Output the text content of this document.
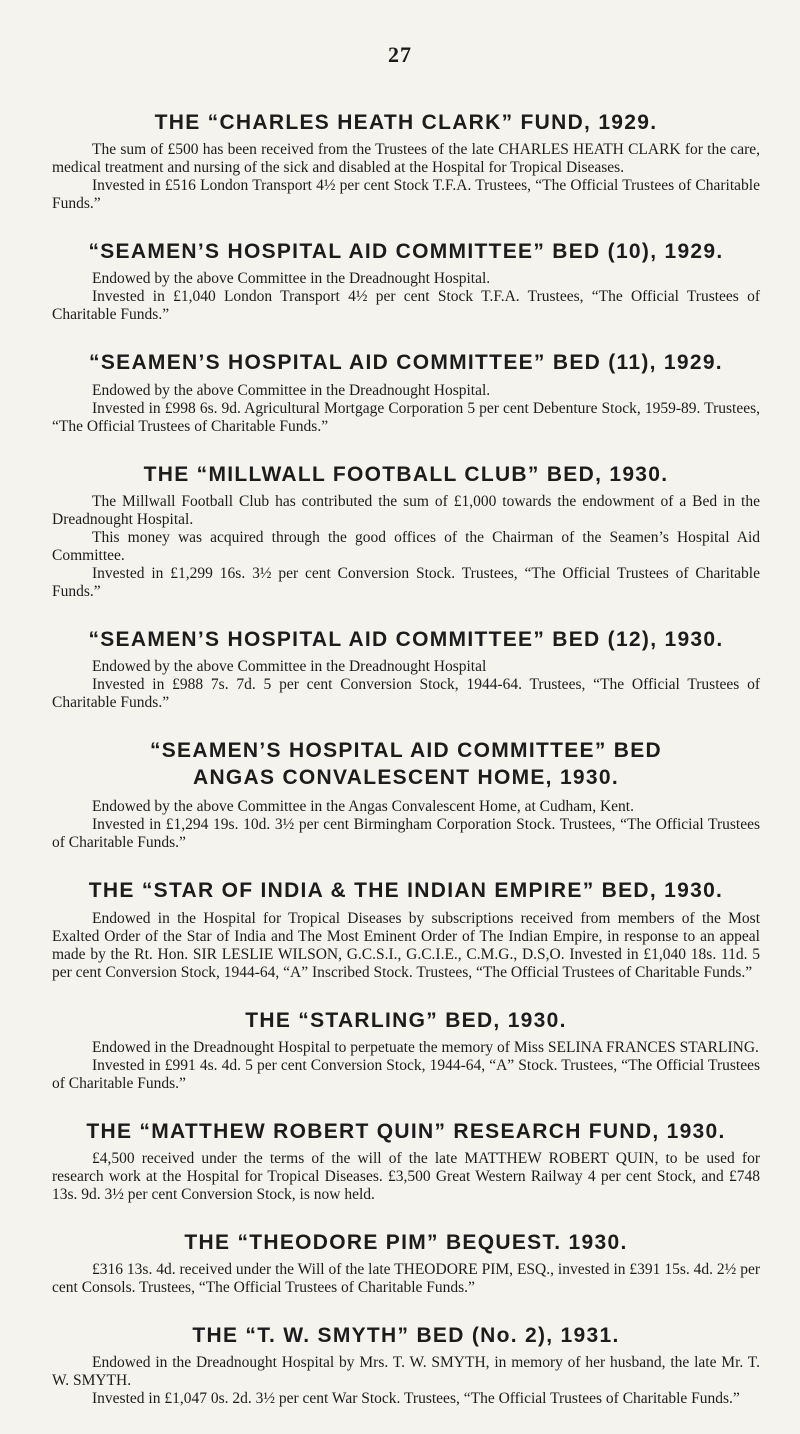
27
THE “CHARLES HEATH CLARK” FUND, 1929.

The sum of £500 has been received from the Trustees of the late CHARLES HEATH CLARK for the care, medical treatment and nursing of the sick and disabled at the Hospital for Tropical Diseases.

Invested in £516 London Transport 4½ per cent Stock T.F.A. Trustees, “The Official Trustees of Charitable Funds.”

“SEAMEN’S HOSPITAL AID COMMITTEE” BED (10), 1929.

Endowed by the above Committee in the Dreadnought Hospital.

Invested in £1,040 London Transport 4½ per cent Stock T.F.A. Trustees, “The Official Trustees of Charitable Funds.”

“SEAMEN’S HOSPITAL AID COMMITTEE” BED (11), 1929.

Endowed by the above Committee in the Dreadnought Hospital.

Invested in £998 6s. 9d. Agricultural Mortgage Corporation 5 per cent Debenture Stock, 1959-89. Trustees, “The Official Trustees of Charitable Funds.”

THE “MILLWALL FOOTBALL CLUB” BED, 1930.

The Millwall Football Club has contributed the sum of £1,000 towards the endowment of a Bed in the Dreadnought Hospital.

This money was acquired through the good offices of the Chairman of the Seamen’s Hospital Aid Committee.

Invested in £1,299 16s. 3½ per cent Conversion Stock. Trustees, “The Official Trustees of Charitable Funds.”

“SEAMEN’S HOSPITAL AID COMMITTEE” BED (12), 1930.

Endowed by the above Committee in the Dreadnought Hospital

Invested in £988 7s. 7d. 5 per cent Conversion Stock, 1944-64. Trustees, “The Official Trustees of Charitable Funds.”

“SEAMEN’S HOSPITAL AID COMMITTEE” BED
ANGAS CONVALESCENT HOME, 1930.

Endowed by the above Committee in the Angas Convalescent Home, at Cudham, Kent.

Invested in £1,294 19s. 10d. 3½ per cent Birmingham Corporation Stock. Trustees, “The Official Trustees of Charitable Funds.”

THE “STAR OF INDIA & THE INDIAN EMPIRE” BED, 1930.

Endowed in the Hospital for Tropical Diseases by subscriptions received from members of the Most Exalted Order of the Star of India and The Most Eminent Order of The Indian Empire, in response to an appeal made by the Rt. Hon. SIR LESLIE WILSON, G.C.S.I., G.C.I.E., C.M.G., D.S,O. Invested in £1,040 18s. 11d. 5 per cent Conversion Stock, 1944-64, “A” Inscribed Stock. Trustees, “The Official Trustees of Charitable Funds.”

THE “STARLING” BED, 1930.

Endowed in the Dreadnought Hospital to perpetuate the memory of Miss SELINA FRANCES STARLING.

Invested in £991 4s. 4d. 5 per cent Conversion Stock, 1944-64, “A” Stock. Trustees, “The Official Trustees of Charitable Funds.”

THE “MATTHEW ROBERT QUIN” RESEARCH FUND, 1930.

£4,500 received under the terms of the will of the late MATTHEW ROBERT QUIN, to be used for research work at the Hospital for Tropical Diseases. £3,500 Great Western Railway 4 per cent Stock, and £748 13s. 9d. 3½ per cent Conversion Stock, is now held.

THE “THEODORE PIM” BEQUEST. 1930.

£316 13s. 4d. received under the Will of the late THEODORE PIM, ESQ., invested in £391 15s. 4d. 2½ per cent Consols. Trustees, “The Official Trustees of Charitable Funds.”

THE “T. W. SMYTH” BED (No. 2), 1931.

Endowed in the Dreadnought Hospital by Mrs. T. W. SMYTH, in memory of her husband, the late Mr. T. W. SMYTH.

Invested in £1,047 0s. 2d. 3½ per cent War Stock. Trustees, “The Official Trustees of Charitable Funds.”
